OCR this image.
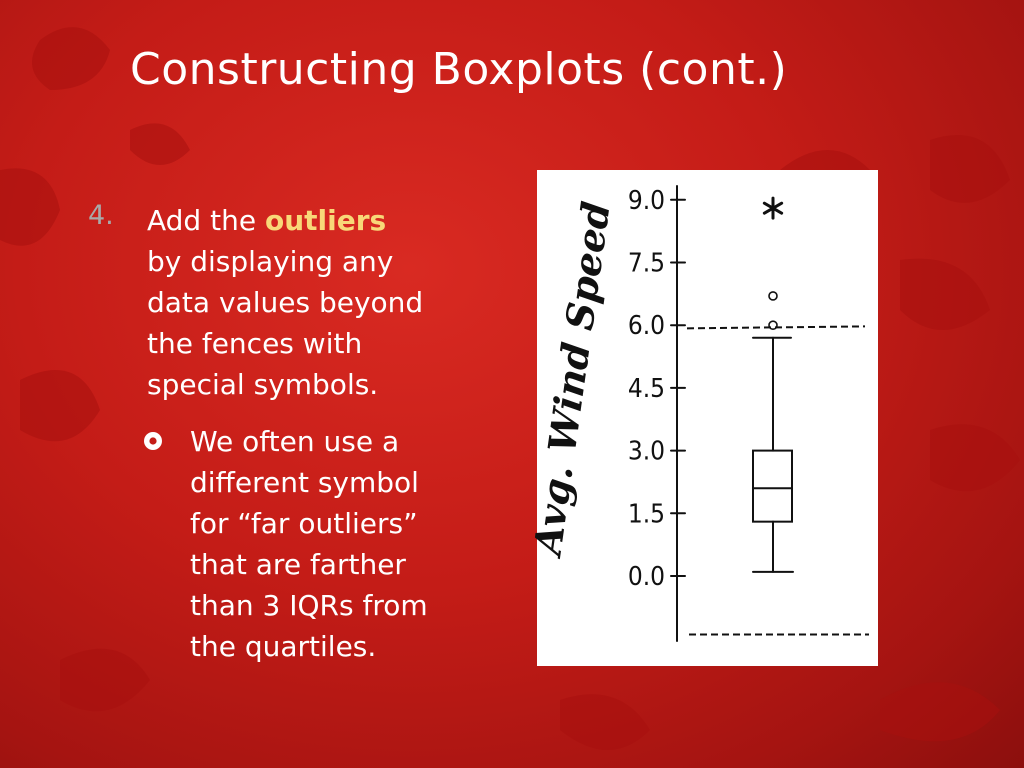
Constructing Boxplots (cont.)
4. Add the outliers
by displaying any
data values beyond
the fences with
special symbols.
We often use a
different symbol
for “far outliers”
that are farther
than 3 IQRs from
the quartiles.
Avg. Wind Speed 9.0
7.5
6.0
4.5
3.0
1.5
0.0
